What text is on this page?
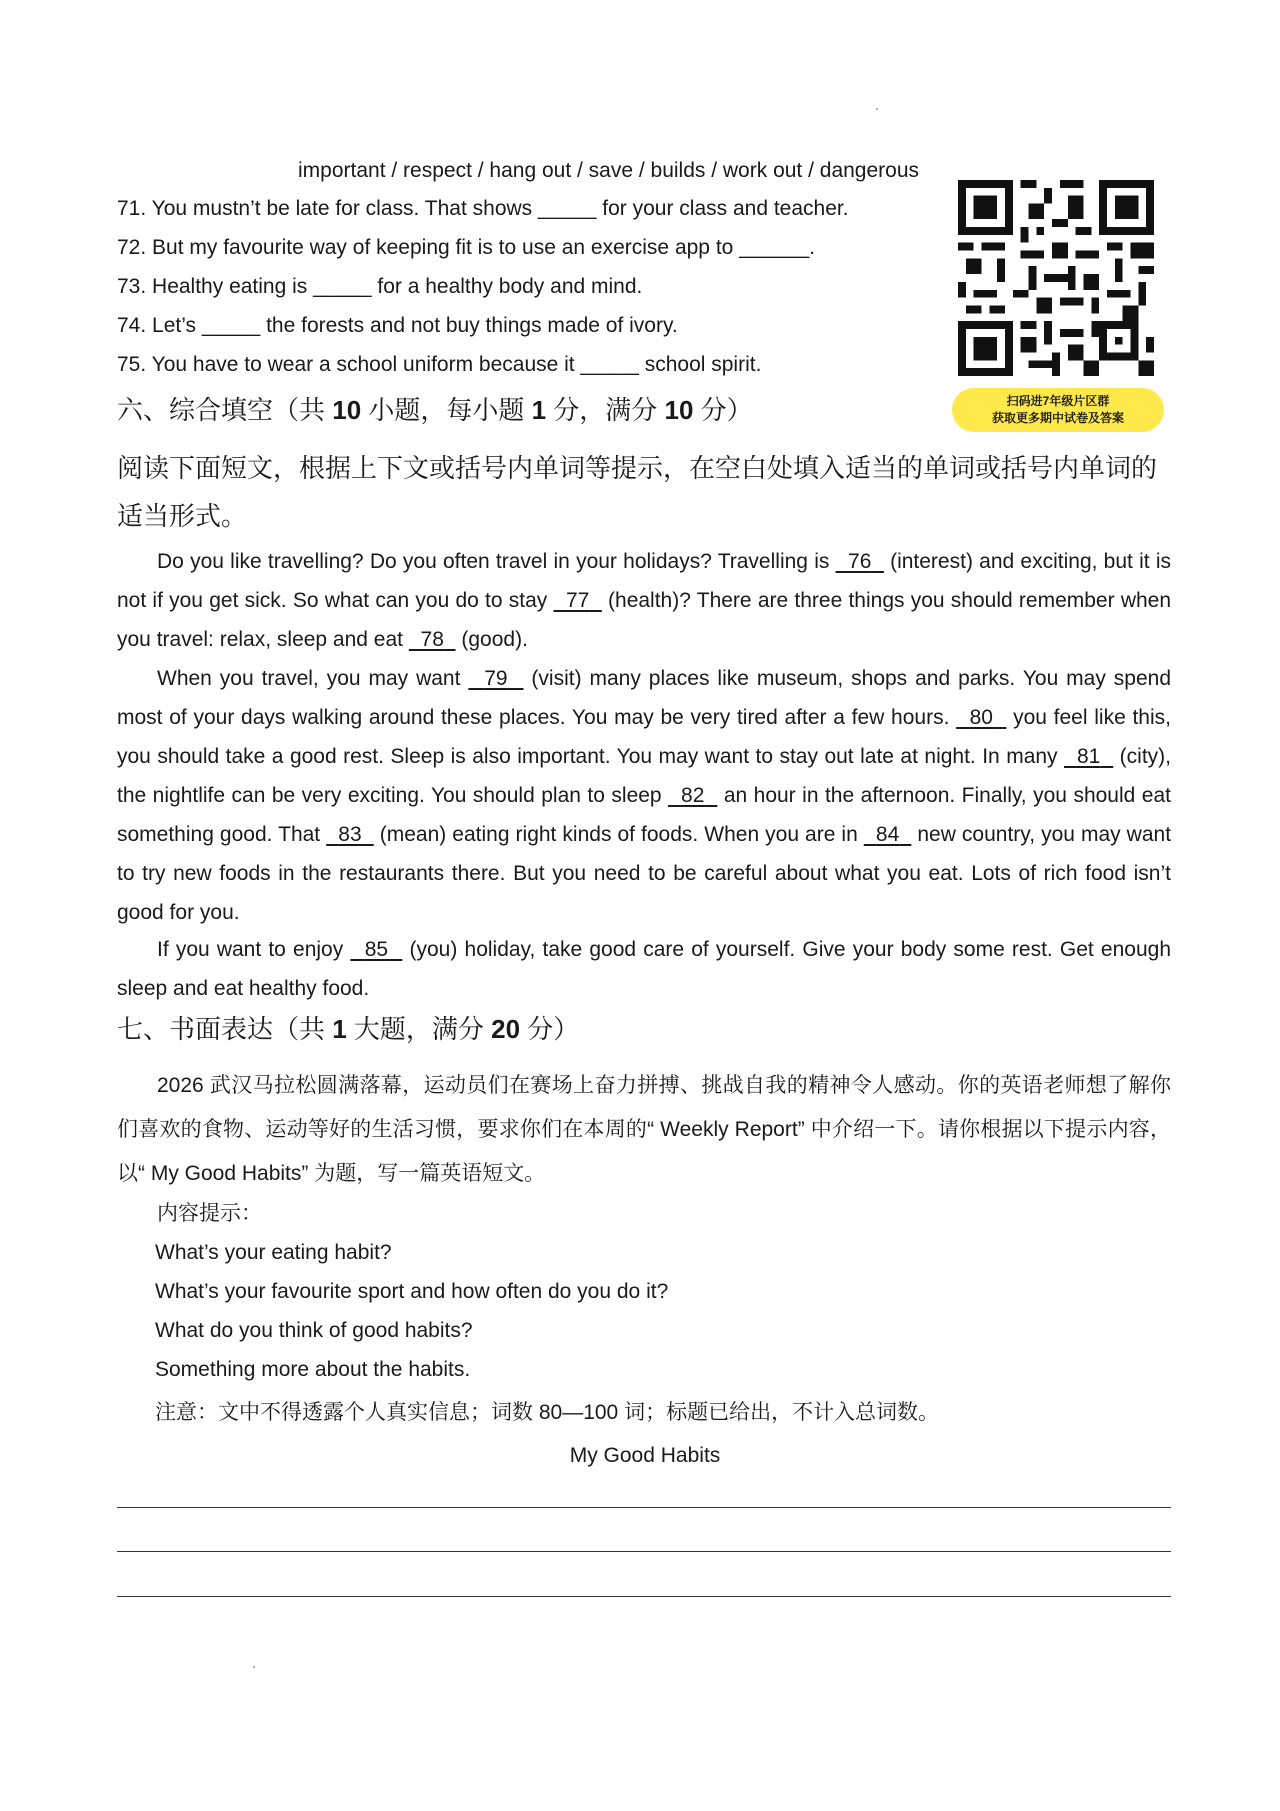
important / respect / hang out / save / builds / work out / dangerous
71. You mustn’t be late for class. That shows _____ for your class and teacher.
72. But my favourite way of keeping fit is to use an exercise app to ______.
73. Healthy eating is _____ for a healthy body and mind.
74. Let’s _____ the forests and not buy things made of ivory.
75. You have to wear a school uniform because it _____ school spirit.
扫码进7年级片区群
获取更多期中试卷及答案
六、综合填空（共 10 小题，每小题 1 分，满分 10 分）
阅读下面短文，根据上下文或括号内单词等提示，在空白处填入适当的单词或括号内单词的适当形式。
Do you like travelling? Do you often travel in your holidays? Travelling is   76   (interest) and exciting, but it is not if you get sick. So what can you do to stay   77   (health)? There are three things you should remember when you travel: relax, sleep and eat   78   (good).
When you travel, you may want   79   (visit) many places like museum, shops and parks. You may spend most of your days walking around these places. You may be very tired after a few hours.   80   you feel like this, you should take a good rest. Sleep is also important. You may want to stay out late at night. In many   81   (city), the nightlife can be very exciting. You should plan to sleep   82   an hour in the afternoon. Finally, you should eat something good. That   83   (mean) eating right kinds of foods. When you are in   84   new country, you may want to try new foods in the restaurants there. But you need to be careful about what you eat. Lots of rich food isn’t good for you.
If you want to enjoy   85   (you) holiday, take good care of yourself. Give your body some rest. Get enough sleep and eat healthy food.

七、书面表达（共 1 大题，满分 20 分）
2026 武汉马拉松圆满落幕，运动员们在赛场上奋力拼搏、挑战自我的精神令人感动。你的英语老师想了解你们喜欢的食物、运动等好的生活习惯，要求你们在本周的“ Weekly Report” 中介绍一下。请你根据以下提示内容，以“ My Good Habits” 为题，写一篇英语短文。
内容提示：
What’s your eating habit?
What’s your favourite sport and how often do you do it?
What do you think of good habits?
Something more about the habits.
注意：文中不得透露个人真实信息；词数 80—100 词；标题已给出，不计入总词数。
My Good Habits
